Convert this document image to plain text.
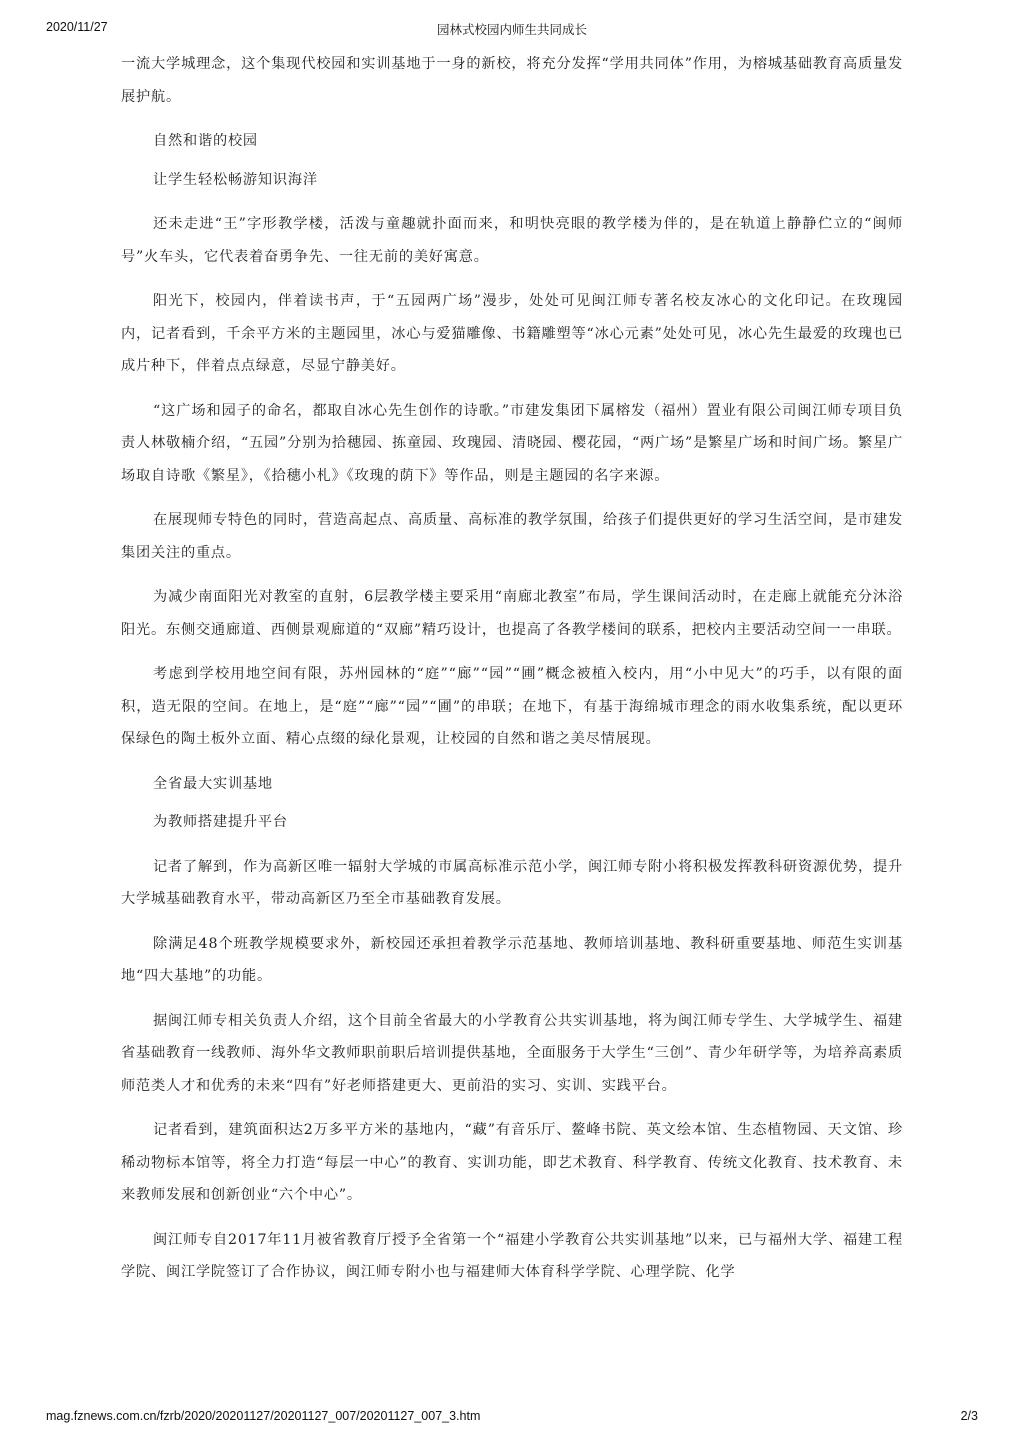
2020/11/27	园林式校园内师生共同成长

一流大学城理念，这个集现代校园和实训基地于一身的新校，将充分发挥“学用共同体”作用，为榕城基础教育高质量发展护航。

自然和谐的校园

让学生轻松畅游知识海洋

还未走进“王”字形教学楼，活泼与童趣就扑面而来，和明快亮眼的教学楼为伴的，是在轨道上静静伫立的“闽师号”火车头，它代表着奋勇争先、一往无前的美好寓意。

阳光下，校园内，伴着读书声，于“五园两广场”漫步，处处可见闽江师专著名校友冰心的文化印记。在玫瑰园内，记者看到，千余平方米的主题园里，冰心与爱猫雕像、书籍雕塑等“冰心元素”处处可见，冰心先生最爱的玫瑰也已成片种下，伴着点点绿意，尽显宁静美好。

“这广场和园子的命名，都取自冰心先生创作的诗歌。”市建发集团下属榕发（福州）置业有限公司闽江师专项目负责人林敬楠介绍，“五园”分别为拾穗园、拣童园、玫瑰园、清晓园、樱花园，“两广场”是繁星广场和时间广场。繁星广场取自诗歌《繁星》，《拾穗小札》《玫瑰的荫下》等作品，则是主题园的名字来源。

在展现师专特色的同时，营造高起点、高质量、高标准的教学氛围，给孩子们提供更好的学习生活空间，是市建发集团关注的重点。

为减少南面阳光对教室的直射，6层教学楼主要采用“南廊北教室”布局，学生课间活动时，在走廊上就能充分沐浴阳光。东侧交通廊道、西侧景观廊道的“双廊”精巧设计，也提高了各教学楼间的联系，把校内主要活动空间一一串联。

考虑到学校用地空间有限，苏州园林的“庭”“廊”“园”“圃”概念被植入校内，用“小中见大”的巧手，以有限的面积，造无限的空间。在地上，是“庭”“廊”“园”“圃”的串联；在地下，有基于海绵城市理念的雨水收集系统，配以更环保绿色的陶土板外立面、精心点缀的绿化景观，让校园的自然和谐之美尽情展现。

全省最大实训基地

为教师搭建提升平台

记者了解到，作为高新区唯一辐射大学城的市属高标准示范小学，闽江师专附小将积极发挥教科研资源优势，提升大学城基础教育水平，带动高新区乃至全市基础教育发展。

除满足48个班教学规模要求外，新校园还承担着教学示范基地、教师培训基地、教科研重要基地、师范生实训基地“四大基地”的功能。

据闽江师专相关负责人介绍，这个目前全省最大的小学教育公共实训基地，将为闽江师专学生、大学城学生、福建省基础教育一线教师、海外华文教师职前职后培训提供基地，全面服务于大学生“三创”、青少年研学等，为培养高素质师范类人才和优秀的未来“四有”好老师搭建更大、更前沿的实习、实训、实践平台。

记者看到，建筑面积达2万多平方米的基地内，“藏”有音乐厅、鳌峰书院、英文绘本馆、生态植物园、天文馆、珍稀动物标本馆等，将全力打造“每层一中心”的教育、实训功能，即艺术教育、科学教育、传统文化教育、技术教育、未来教师发展和创新创业“六个中心”。

闽江师专自2017年11月被省教育厅授予全省第一个“福建小学教育公共实训基地”以来，已与福州大学、福建工程学院、闽江学院签订了合作协议，闽江师专附小也与福建师大体育科学学院、心理学院、化学

mag.fznews.com.cn/fzrb/2020/20201127/20201127_007/20201127_007_3.htm	2/3
